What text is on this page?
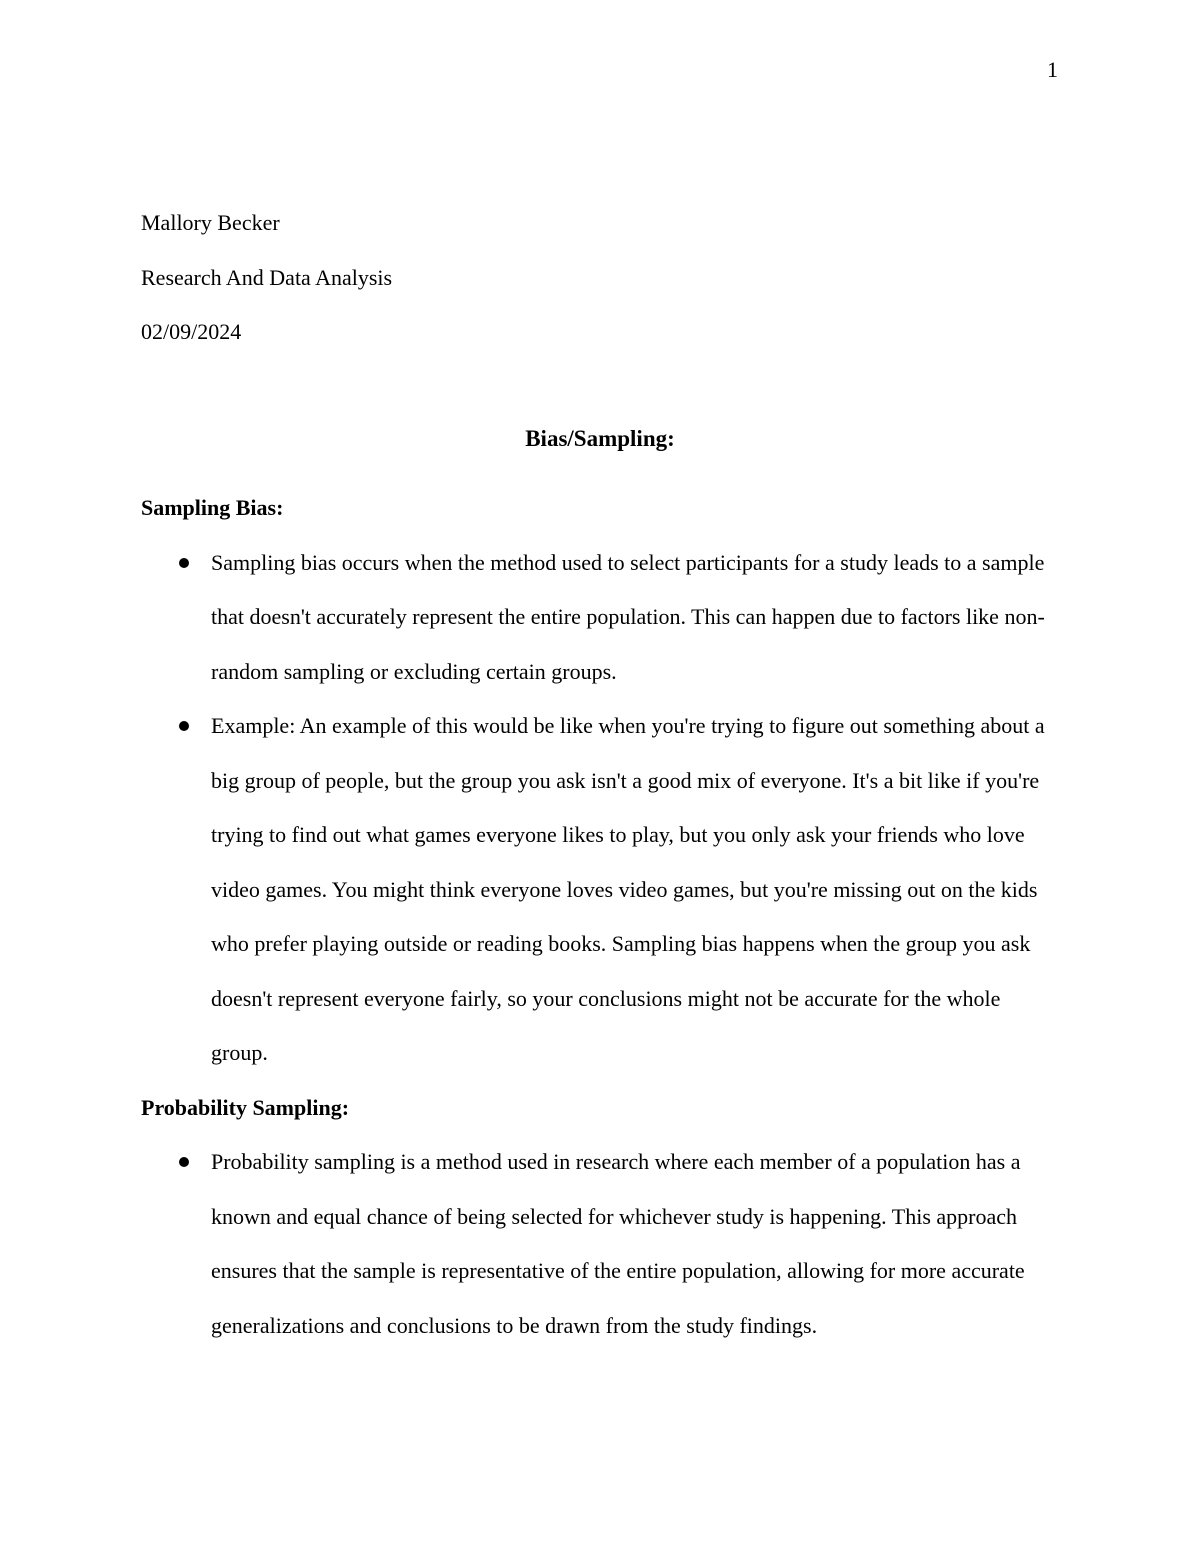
1
Mallory Becker
Research And Data Analysis
02/09/2024
Bias/Sampling:
Sampling Bias:
Sampling bias occurs when the method used to select participants for a study leads to a sample that doesn't accurately represent the entire population. This can happen due to factors like non-random sampling or excluding certain groups.
Example: An example of this would be like when you're trying to figure out something about a big group of people, but the group you ask isn't a good mix of everyone. It's a bit like if you're trying to find out what games everyone likes to play, but you only ask your friends who love video games. You might think everyone loves video games, but you're missing out on the kids who prefer playing outside or reading books. Sampling bias happens when the group you ask doesn't represent everyone fairly, so your conclusions might not be accurate for the whole group.
Probability Sampling:
Probability sampling is a method used in research where each member of a population has a known and equal chance of being selected for whichever study is happening. This approach ensures that the sample is representative of the entire population, allowing for more accurate generalizations and conclusions to be drawn from the study findings.
